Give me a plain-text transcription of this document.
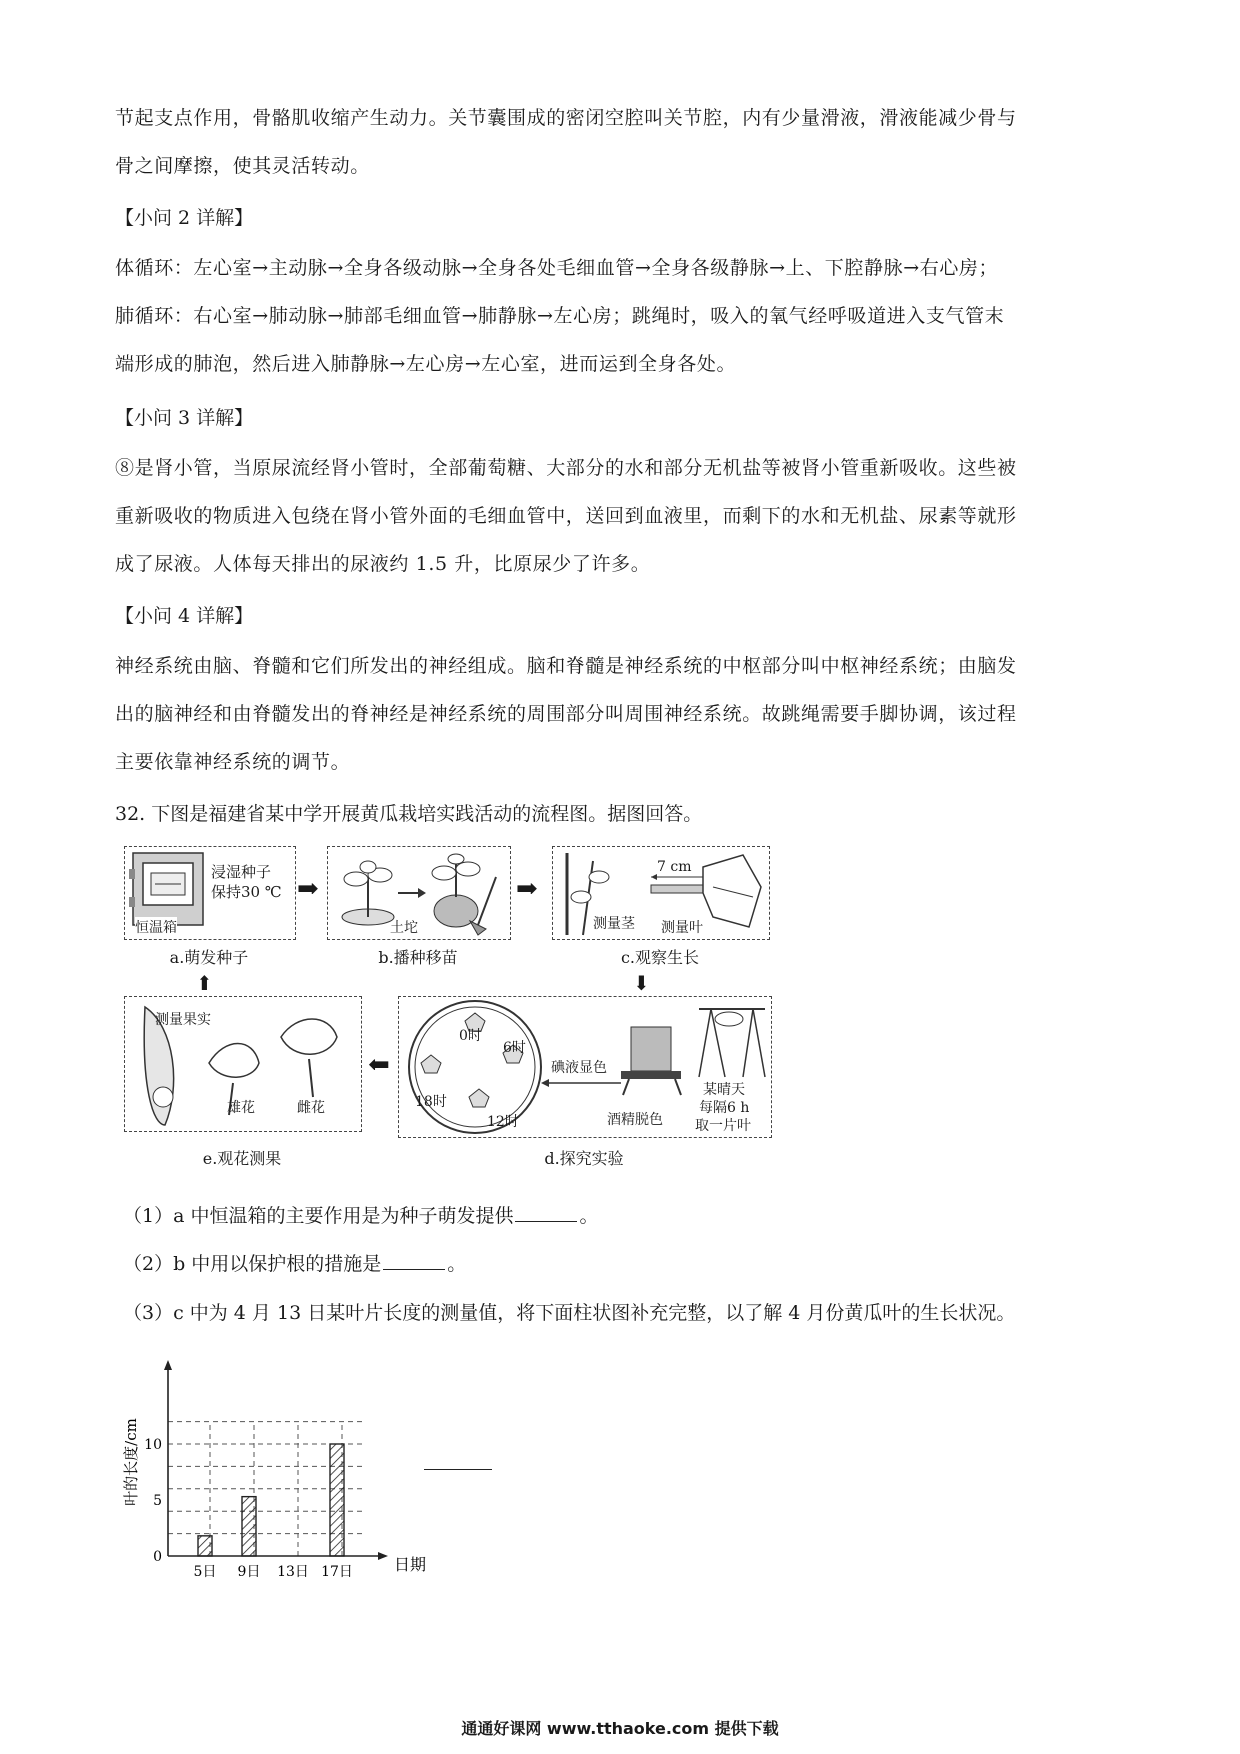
节起支点作用，骨骼肌收缩产生动力。关节囊围成的密闭空腔叫关节腔，内有少量滑液，滑液能减少骨与
骨之间摩擦，使其灵活转动。
【小问 2 详解】
体循环：左心室→主动脉→全身各级动脉→全身各处毛细血管→全身各级静脉→上、下腔静脉→右心房；
肺循环：右心室→肺动脉→肺部毛细血管→肺静脉→左心房；跳绳时，吸入的氧气经呼吸道进入支气管末
端形成的肺泡，然后进入肺静脉→左心房→左心室，进而运到全身各处。
【小问 3 详解】
⑧是肾小管，当原尿流经肾小管时，全部葡萄糖、大部分的水和部分无机盐等被肾小管重新吸收。这些被
重新吸收的物质进入包绕在肾小管外面的毛细血管中，送回到血液里，而剩下的水和无机盐、尿素等就形
成了尿液。人体每天排出的尿液约 1.5 升，比原尿少了许多。
【小问 4 详解】
神经系统由脑、脊髓和它们所发出的神经组成。脑和脊髓是神经系统的中枢部分叫中枢神经系统；由脑发
出的脑神经和由脊髓发出的脊神经是神经系统的周围部分叫周围神经系统。故跳绳需要手脚协调，该过程
主要依靠神经系统的调节。
32. 下图是福建省某中学开展黄瓜栽培实践活动的流程图。据图回答。
浸湿种子
保持30 ℃
恒温箱
a.萌发种子
➡
土坨
b.播种移苗
➡
7 cm
测量茎 测量叶
c.观察生长
⬇
⬆
测量果实
雄花	雌花
e.观花测果
⬅
0时
6时
12时
18时
碘液显色
酒精脱色
某晴天
每隔6 h
取一片叶
d.探究实验
（1）a 中恒温箱的主要作用是为种子萌发提供	。
（2）b 中用以保护根的措施是	。
（3）c 中为 4 月 13 日某叶片长度的测量值，将下面柱状图补充完整，以了解 4 月份黄瓜叶的生长状况。
5日 9日 13日 17日
0
5
10
叶的长度/cm
日期
通通好课网 www.tthaoke.com 提供下载
